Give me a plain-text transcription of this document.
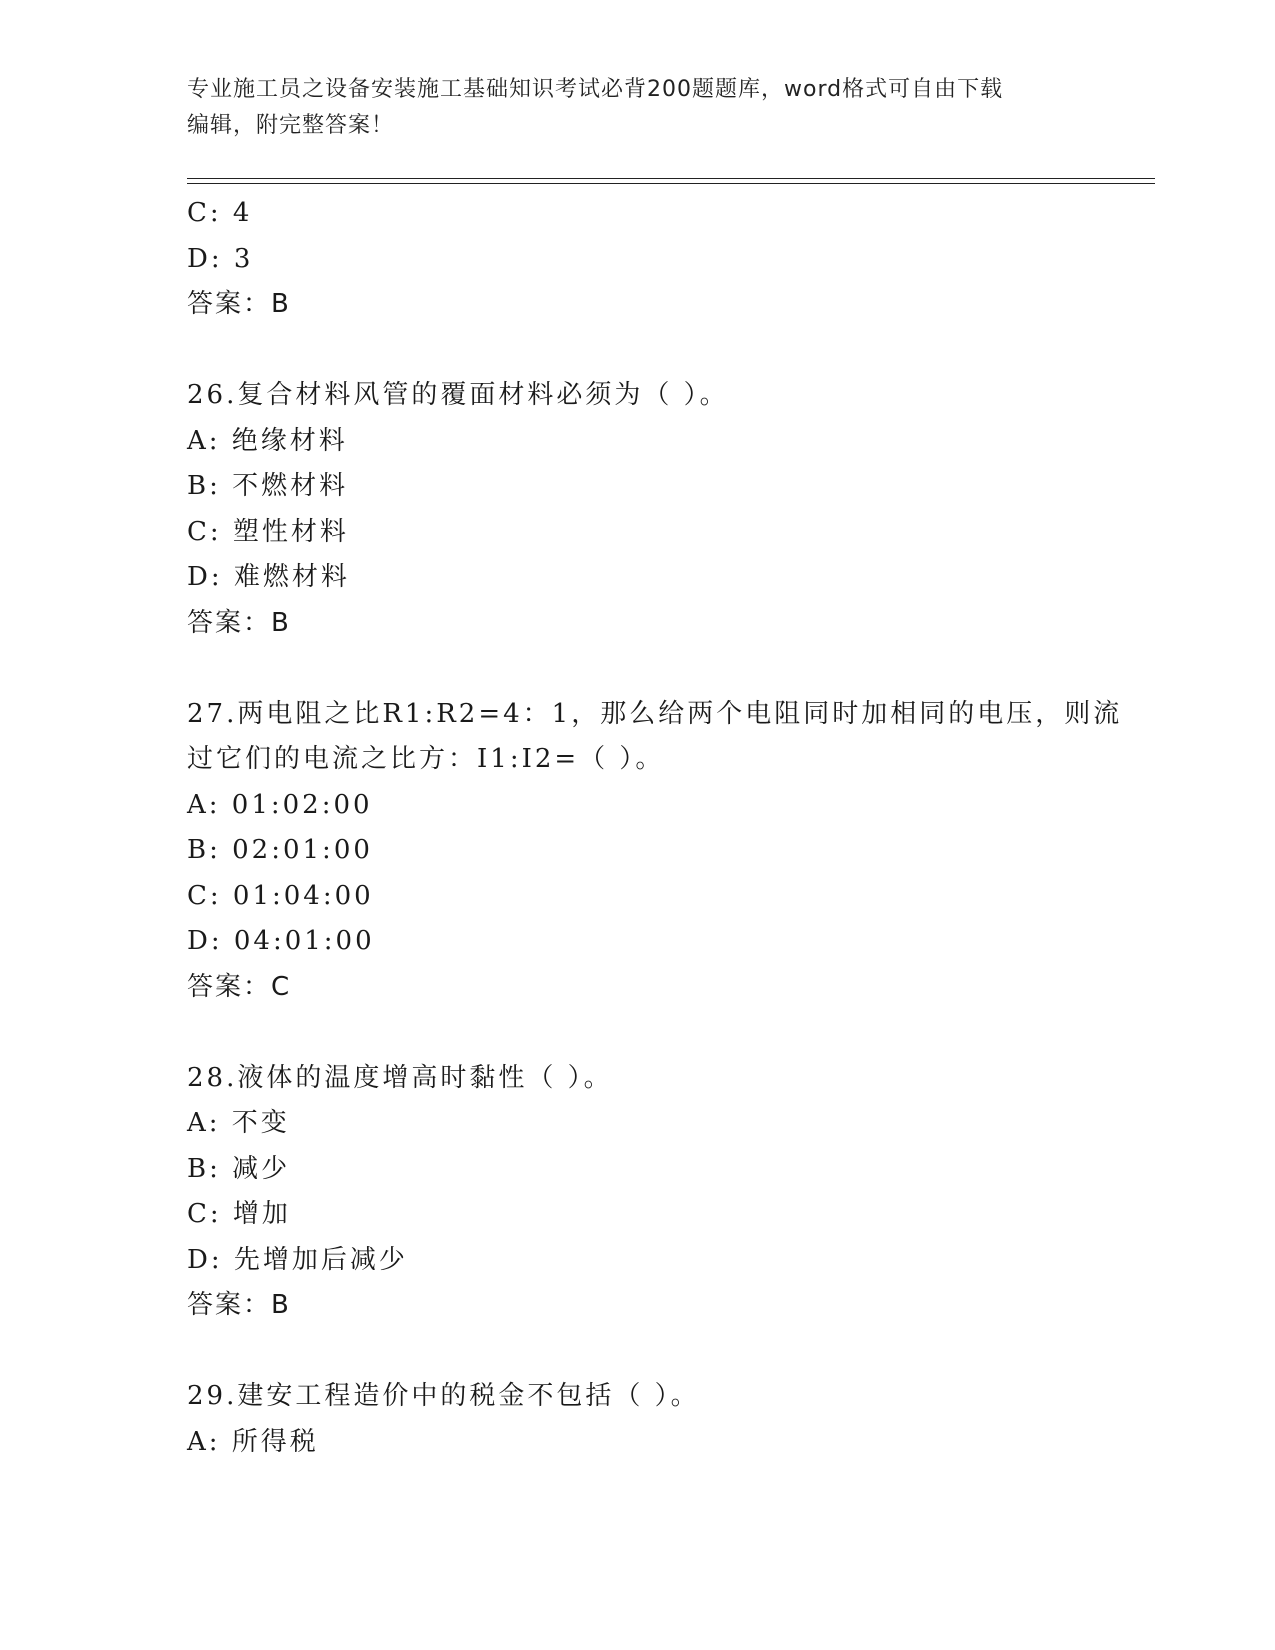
专业施工员之设备安装施工基础知识考试必背200题题库，word格式可自由下载
编辑，附完整答案！
C: 4
D: 3
答案：B
26.复合材料风管的覆面材料必须为（ ）。
A: 绝缘材料
B: 不燃材料
C: 塑性材料
D: 难燃材料
答案：B
27.两电阻之比R1:R2=4：1，那么给两个电阻同时加相同的电压，则流
过它们的电流之比方：I1:I2=（ ）。
A: 01:02:00
B: 02:01:00
C: 01:04:00
D: 04:01:00
答案：C
28.液体的温度增高时黏性（ ）。
A: 不变
B: 减少
C: 增加
D: 先增加后减少
答案：B
29.建安工程造价中的税金不包括（ ）。
A: 所得税
